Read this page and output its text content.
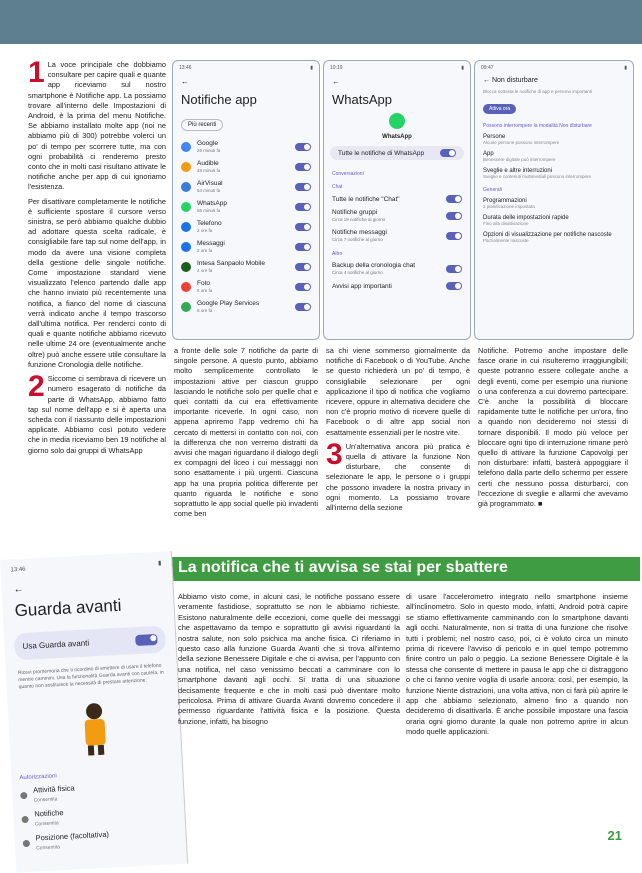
13:46	▮
←
Notifiche app
Più recenti
Google
26 minuti fa
Audible
48 minuti fa
AirVisual
54 minuti fa
WhatsApp
56 minuti fa
Telefono
2 ore fa
Messaggi
2 ore fa
Intesa Sanpaolo Mobile
4 ore fa
Foto
5 ore fa
Google Play Services
6 ore fa
10:19	▮
←
WhatsApp
WhatsApp
Tutte le notifiche di WhatsApp
Conversazioni
Chat
Tutte le notifiche "Chat"
Notifiche gruppi
Circa 19 notifiche al giorno
Notifiche messaggi
Circa 7 notifiche al giorno
Altro
Backup della cronologia chat
Circa 4 notifiche al giorno
Avvisi app importanti
09:47	▮
← Non disturbare
Blocca sottosta le notifiche di app e persone importanti
Attiva ora
Possono interrompere la modalità Non disturbare
Persone
Alcune persone possono interrompere
App
Benessere digitale può interrompere
Sveglie e altre interruzioni
Sveglie e contenuti multimediali possono interrompere
Generali
Programmazioni
1 pianificazione impostata
Durata delle impostazioni rapide
Fino alla disattivazione
Opzioni di visualizzazione per notifiche nascoste
Parzialmente nascoste

1 La voce principale che dobbiamo consultare per capire quali e quante app riceviamo sul nostro smartphone è Notifiche app. La possiamo trovare all'interno delle Impostazioni di Android, è la prima del menu Notifiche. Se abbiamo installato molte app (noi ne abbiamo più di 300) potrebbe volerci un po' di tempo per scorrere tutte, ma con ogni probabilità ci renderemo presto conto che in molti casi risultano attivate le notifiche anche per app di cui ignoriamo l'esistenza.

Per disattivare completamente le notifiche è sufficiente spostare il cursore verso sinistra, se però abbiamo qualche dubbio ad adottare questa scelta radicale, è consigliabile fare tap sul nome dell'app, in modo da avere una visione completa della gestione delle singole notifiche. Come impostazione standard viene visualizzato l'elenco partendo dalle app che hanno inviato più recentemente una notifica, a fianco del nome di ciascuna verrà indicato anche il tempo trascorso dall'ultima notifica. Per renderci conto di quali e quante notifiche abbiamo ricevuto nelle ultime 24 ore (eventualmente anche oltre) può anche essere utile consultare la funzione Cronologia delle notifiche.

2 Siccome ci sembrava di ricevere un numero esagerato di notifiche da parte di WhatsApp, abbiamo fatto tap sul nome dell'app e si è aperta una scheda con il riassunto delle impostazioni applicate. Abbiamo così potuto vedere che in media riceviamo ben 19 notifiche al giorno solo dai gruppi di WhatsApp

a fronte delle sole 7 notifiche da parte di singole persone. A questo punto, abbiamo molto semplicemente controllato le impostazioni attive per ciascun gruppo lasciando le notifiche solo per quelle chat e quei contatti da cui era effettivamente importante riceverle. In ogni caso, non appena apriremo l'app vedremo chi ha cercato di mettersi in contatto con noi, con la differenza che non verremo distratti da avvisi che magari riguardano il dialogo degli ex compagni del liceo i cui messaggi non sono esattamente i più urgenti. Ciascuna app ha una propria politica differente per quanto riguarda le notifiche e sono soprattutto le app social quelle più invadenti come ben

sa chi viene sommerso giornalmente da notifiche di Facebook o di YouTube. Anche se questo richiederà un po' di tempo, è consigliabile selezionare per ogni applicazione il tipo di notifica che vogliamo ricevere, oppure in alternativa decidere che non c'è proprio motivo di ricevere quelle di Facebook o di altre app social non esattamente essenziali per le nostre vite.

3 Un'alternativa ancora più pratica è quella di attivare la funzione Non disturbare, che consente di selezionare le app, le persone o i gruppi che possono invadere la nostra privacy in ogni momento. La possiamo trovare all'interno della sezione

Notifiche. Potremo anche impostare delle fasce orarie in cui risulteremo irraggiungibili; queste potranno essere collegate anche a degli eventi, come per esempio una riunione o una conferenza a cui dovremo partecipare. C'è anche la possibilità di bloccare rapidamente tutte le notifiche per un'ora, fino a quando non decideremo noi stessi di tornare disponibili. Il modo più veloce per bloccare ogni tipo di interruzione rimane però quello di attivare la funzione Capovolgi per non disturbare: infatti, basterà appoggiare il telefono dalla parte dello schermo per essere certi che nessuno possa disturbarci, con l'eccezione di sveglie e allarmi che avevamo già programmato. ■

La notifica che ti avvisa se stai per sbattere
13:46
▮
←
Guarda avanti
Usa Guarda avanti
Ricevi promemoria che ti ricordino di smettere di usare il telefono mentre cammini. Usa la funzionalità Guarda avanti con cautela, in quanto non sostituisce la necessità di prestare attenzione.
Autorizzazioni
Attività fisica
Consentita
Notifiche
Consentita
Posizione (facoltativa)
Consentita

Abbiamo visto come, in alcuni casi, le notifiche possano essere veramente fastidiose, soprattutto se non le abbiamo richieste. Esistono naturalmente delle eccezioni, come quelle dei messaggi che aspettavamo da tempo e soprattutto gli avvisi riguardanti la nostra salute, non solo psichica ma anche fisica. Ci riferiamo in questo caso alla funzione Guarda Avanti che si trova all'interno della sezione Benessere Digitale e che ci avvisa, per l'appunto con una notifica, nel caso venissimo beccati a camminare con lo smartphone davanti agli occhi. Si tratta di una situazione decisamente frequente e che in molti casi può diventare molto pericolosa. Prima di attivare Guarda Avanti dovremo concedere il permesso riguardante l'attività fisica e la posizione. Questa funzione, infatti, ha bisogno

di usare l'accelerometro integrato nello smartphone insieme all'inclinometro. Solo in questo modo, infatti, Android potrà capire se stiamo effettivamente camminando con lo smartphone davanti agli occhi. Naturalmente, non si tratta di una funzione che risolve tutti i problemi; nel nostro caso, poi, ci è voluto circa un minuto prima di ricevere l'avviso di pericolo e in quel tempo potremmo finire contro un palo o peggio. La sezione Benessere Digitale è la stessa che consente di mettere in pausa le app che ci distraggono o che ci fanno venire voglia di usarle ancora: così, per esempio, la funzione Niente distrazioni, una volta attiva, non ci farà più aprire le app che abbiamo selezionato, almeno fino a quando non decideremo di disattivarla. È anche possibile impostare una fascia oraria ogni giorno durante la quale non potremo aprire in alcun modo quelle applicazioni.

21
